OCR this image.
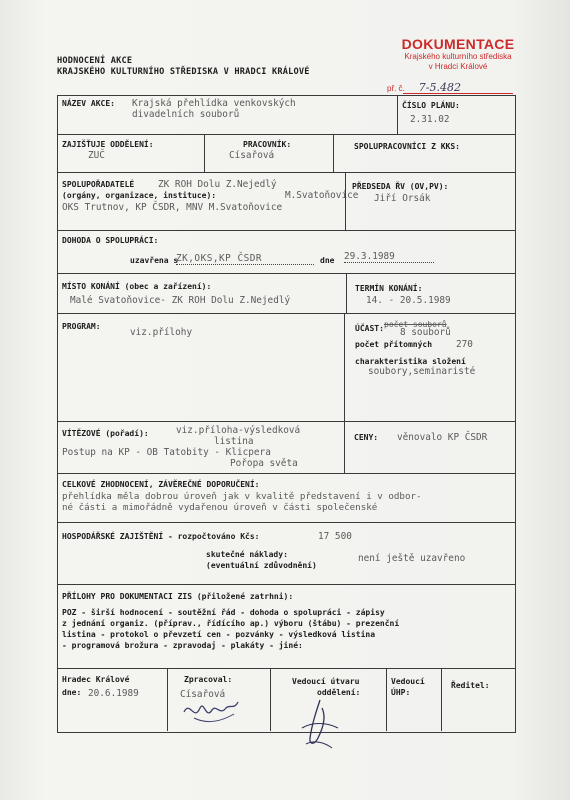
HODNOCENÍ AKCE
KRAJSKÉHO KULTURNÍHO STŘEDISKA V HRADCI KRÁLOVÉ
DOKUMENTACE
Krajského kulturního střediska
v Hradci Králové
př. č. 7-5.482
NÁZEV AKCE: Krajská přehlídka venkovských
divadelních souborů
ČÍSLO PLÁNU:
2.31.02
ZAJIŠŤUJE ODDĚLENÍ:
ZUČ
PRACOVNÍK:
Císařová
SPOLUPRACOVNÍCI Z KKS:
SPOLUPOŘADATELÉ
(orgány, organizace, instituce):
ZK ROH Dolu Z.Nejedlý
M.Svatoňovice
OKS Trutnov, KP ČSDR, MNV M.Svatoňovice
PŘEDSEDA ŘV (OV,PV):
Jiří Orsák
DOHODA O SPOLUPRÁCI:
uzavřena s
ZK,OKS,KP ČSDR	dne 29.3.1989
MÍSTO KONÁNÍ (obec a zařízení):
Malé Svatoňovice- ZK ROH Dolu Z.Nejedlý
TERMÍN KONÁNÍ:
14. - 20.5.1989
PROGRAM:
viz.přílohy	ÚČAST: počet souborů
8 souborů
počet přítomných	270
charakteristika složení
soubory,seminaristé
VÍTĚZOVÉ (pořadí):	viz.příloha-výsledková
listina
Postup na KP - OB Tatobity - Klicpera
Pořopa světa
CENY: věnovalo KP ČSDR
CELKOVÉ ZHODNOCENÍ, ZÁVĚREČNÉ DOPORUČENÍ:
přehlídka měla dobrou úroveň jak v kvalitě představení i v odbor-
né části a mimořádně vydařenou úroveň v části společenské
HOSPODÁŘSKÉ ZAJIŠTĚNÍ - rozpočtováno Kčs:	17 500
skutečné náklady:
(eventuální zdůvodnění)
není ještě uzavřeno
PŘÍLOHY PRO DOKUMENTACI ZIS (přiložené zatrhni):
POZ - širší hodnocení - soutěžní řád - dohoda o spolupráci - zápisy
z jednání organiz. (příprav., řídícího ap.) výboru (štábu) - prezenční
listina - protokol o převzetí cen - pozvánky - výsledková listina
- programová brožura - zpravodaj - plakáty - jiné:
Hradec Králové
dne: 20.6.1989
Zpracoval:
Císařová
Vedoucí útvaru
oddělení:
Vedoucí
ÚHP:
Ředitel:
